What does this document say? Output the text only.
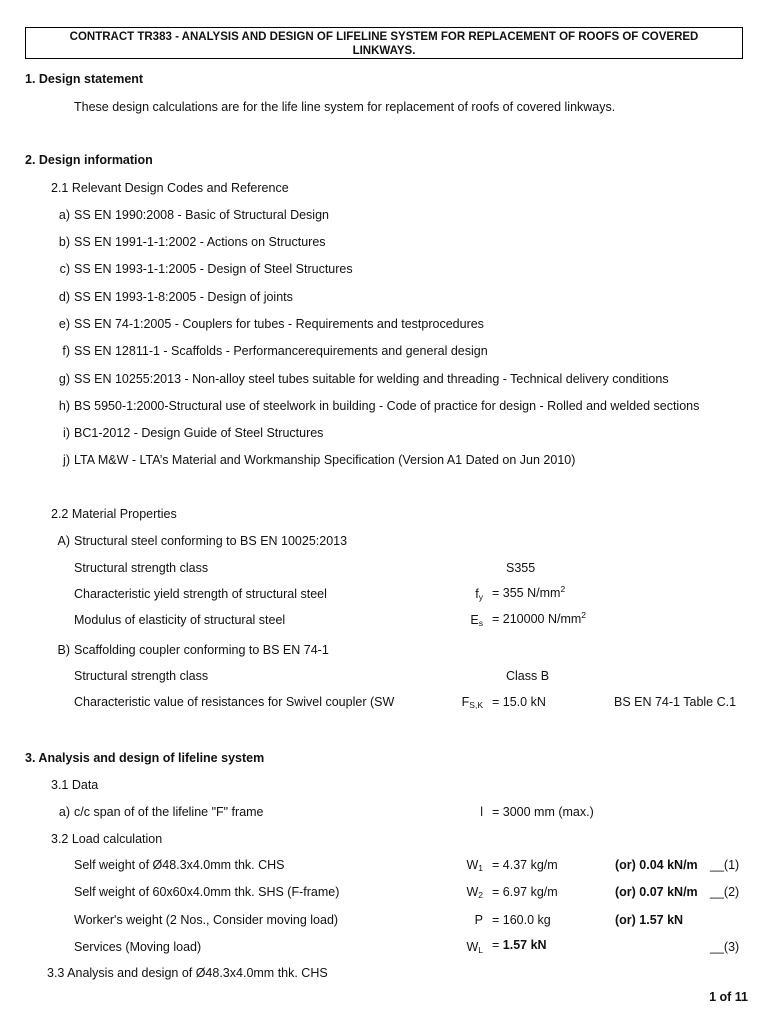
CONTRACT TR383 - ANALYSIS AND DESIGN OF LIFELINE SYSTEM FOR REPLACEMENT OF ROOFS OF COVERED
LINKWAYS.
1. Design statement
These design calculations are for the life line system for replacement of roofs of covered linkways.
2. Design information
2.1 Relevant Design Codes and Reference
a) SS EN 1990:2008 - Basic of Structural Design
b) SS EN 1991-1-1:2002 - Actions on Structures
c) SS EN 1993-1-1:2005 - Design of Steel Structures
d) SS EN 1993-1-8:2005 - Design of joints
e) SS EN 74-1:2005 - Couplers for tubes - Requirements and testprocedures
f) SS EN 12811-1 - Scaffolds - Performancerequirements and general design
g) SS EN 10255:2013 - Non-alloy steel tubes suitable for welding and threading - Technical delivery conditions
h) BS 5950-1:2000-Structural use of steelwork in building - Code of practice for design - Rolled and welded sections
i) BC1-2012 - Design Guide of Steel Structures
j) LTA M&W - LTA’s Material and Workmanship Specification (Version A1 Dated on Jun 2010)
2.2 Material Properties
A) Structural steel conforming to BS EN 10025:2013
Structural strength class	S355
Characteristic yield strength of structural steel	$f_y = 355$ $N/mm^2$
Modulus of elasticity of structural steel	$E_s = 210000$ $N/mm^2$
B) Scaffolding coupler conforming to BS EN 74-1
Structural strength class	Class B
Characteristic value of resistances for Swivel coupler (SW	$F_{S,K} = 15.0$ kN	BS EN 74-1 Table C.1
3. Analysis and design of lifeline system
3.1 Data
a) c/c span of of the lifeline "F" frame	l = 3000 mm (max.)
3.2 Load calculation
Self weight of Ø48.3x4.0mm thk. CHS	$W_1 = 4.37$ kg/m	(or) 0.04 kN/m __(1)
Self weight of 60x60x4.0mm thk. SHS (F-frame)	$W_2 = 6.97$ kg/m	(or) 0.07 kN/m __(2)
Worker's weight (2 Nos., Consider moving load)	P = 160.0 kg	(or) 1.57 kN
Services (Moving load)	$W_L = 1.57$ kN	__(3)
3.3 Analysis and design of Ø48.3x4.0mm thk. CHS
1 of 11
